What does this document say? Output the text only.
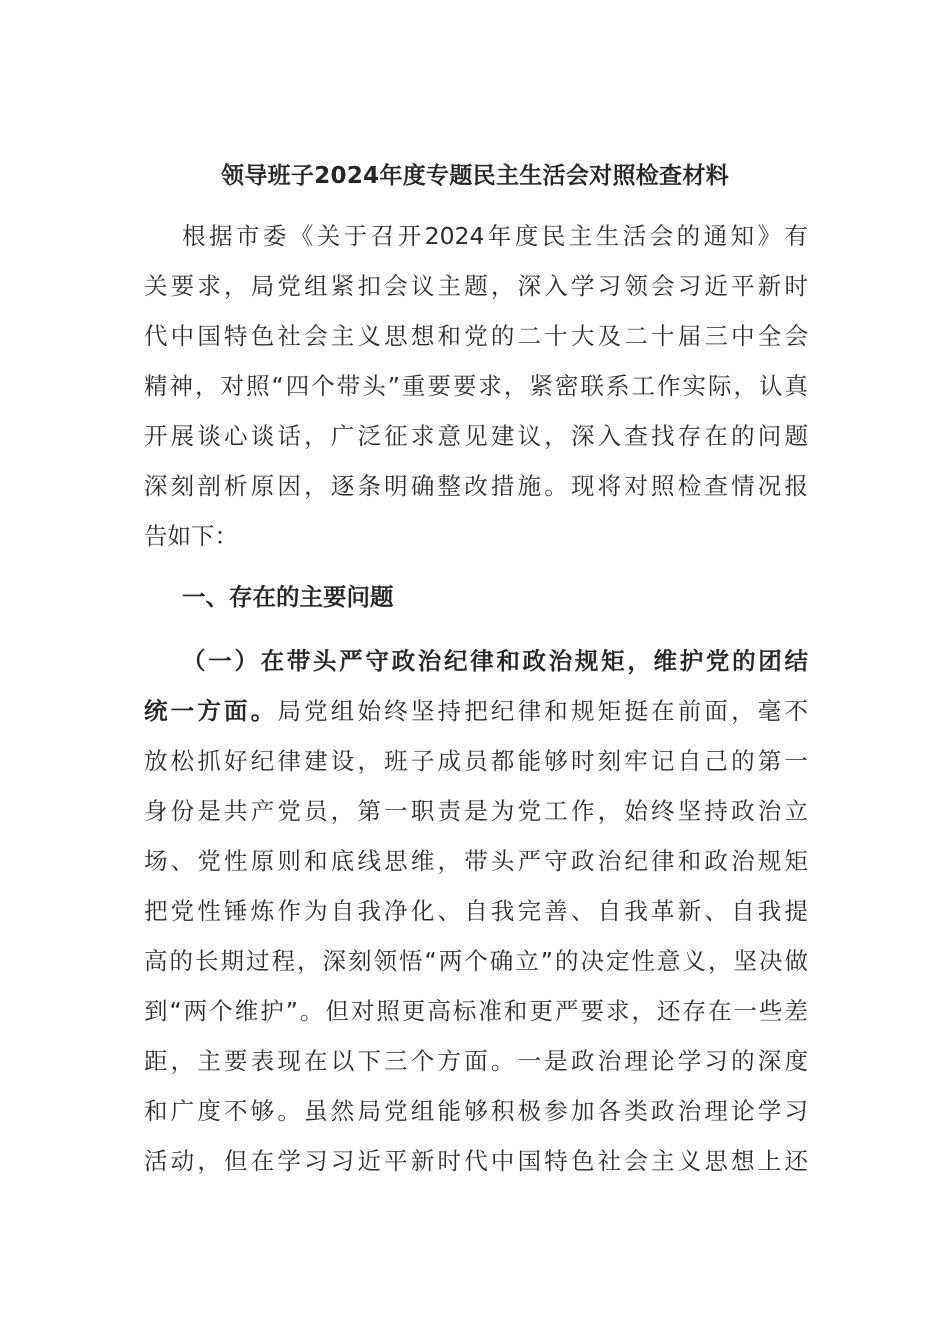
领导班子2024年度专题民主生活会对照检查材料
根据市委《关于召开2024年度民主生活会的通知》有
关要求，局党组紧扣会议主题，深入学习领会习近平新时
代中国特色社会主义思想和党的二十大及二十届三中全会
精神，对照“四个带头”重要要求，紧密联系工作实际，认真
开展谈心谈话，广泛征求意见建议，深入查找存在的问题
深刻剖析原因，逐条明确整改措施。现将对照检查情况报
告如下：
一、存在的主要问题
（一）在带头严守政治纪律和政治规矩，维护党的团结
统一方面。局党组始终坚持把纪律和规矩挺在前面，毫不
放松抓好纪律建设，班子成员都能够时刻牢记自己的第一
身份是共产党员，第一职责是为党工作，始终坚持政治立
场、党性原则和底线思维，带头严守政治纪律和政治规矩
把党性锤炼作为自我净化、自我完善、自我革新、自我提
高的长期过程，深刻领悟“两个确立”的决定性意义，坚决做
到“两个维护”。但对照更高标准和更严要求，还存在一些差
距，主要表现在以下三个方面。一是政治理论学习的深度
和广度不够。虽然局党组能够积极参加各类政治理论学习
活动，但在学习习近平新时代中国特色社会主义思想上还
